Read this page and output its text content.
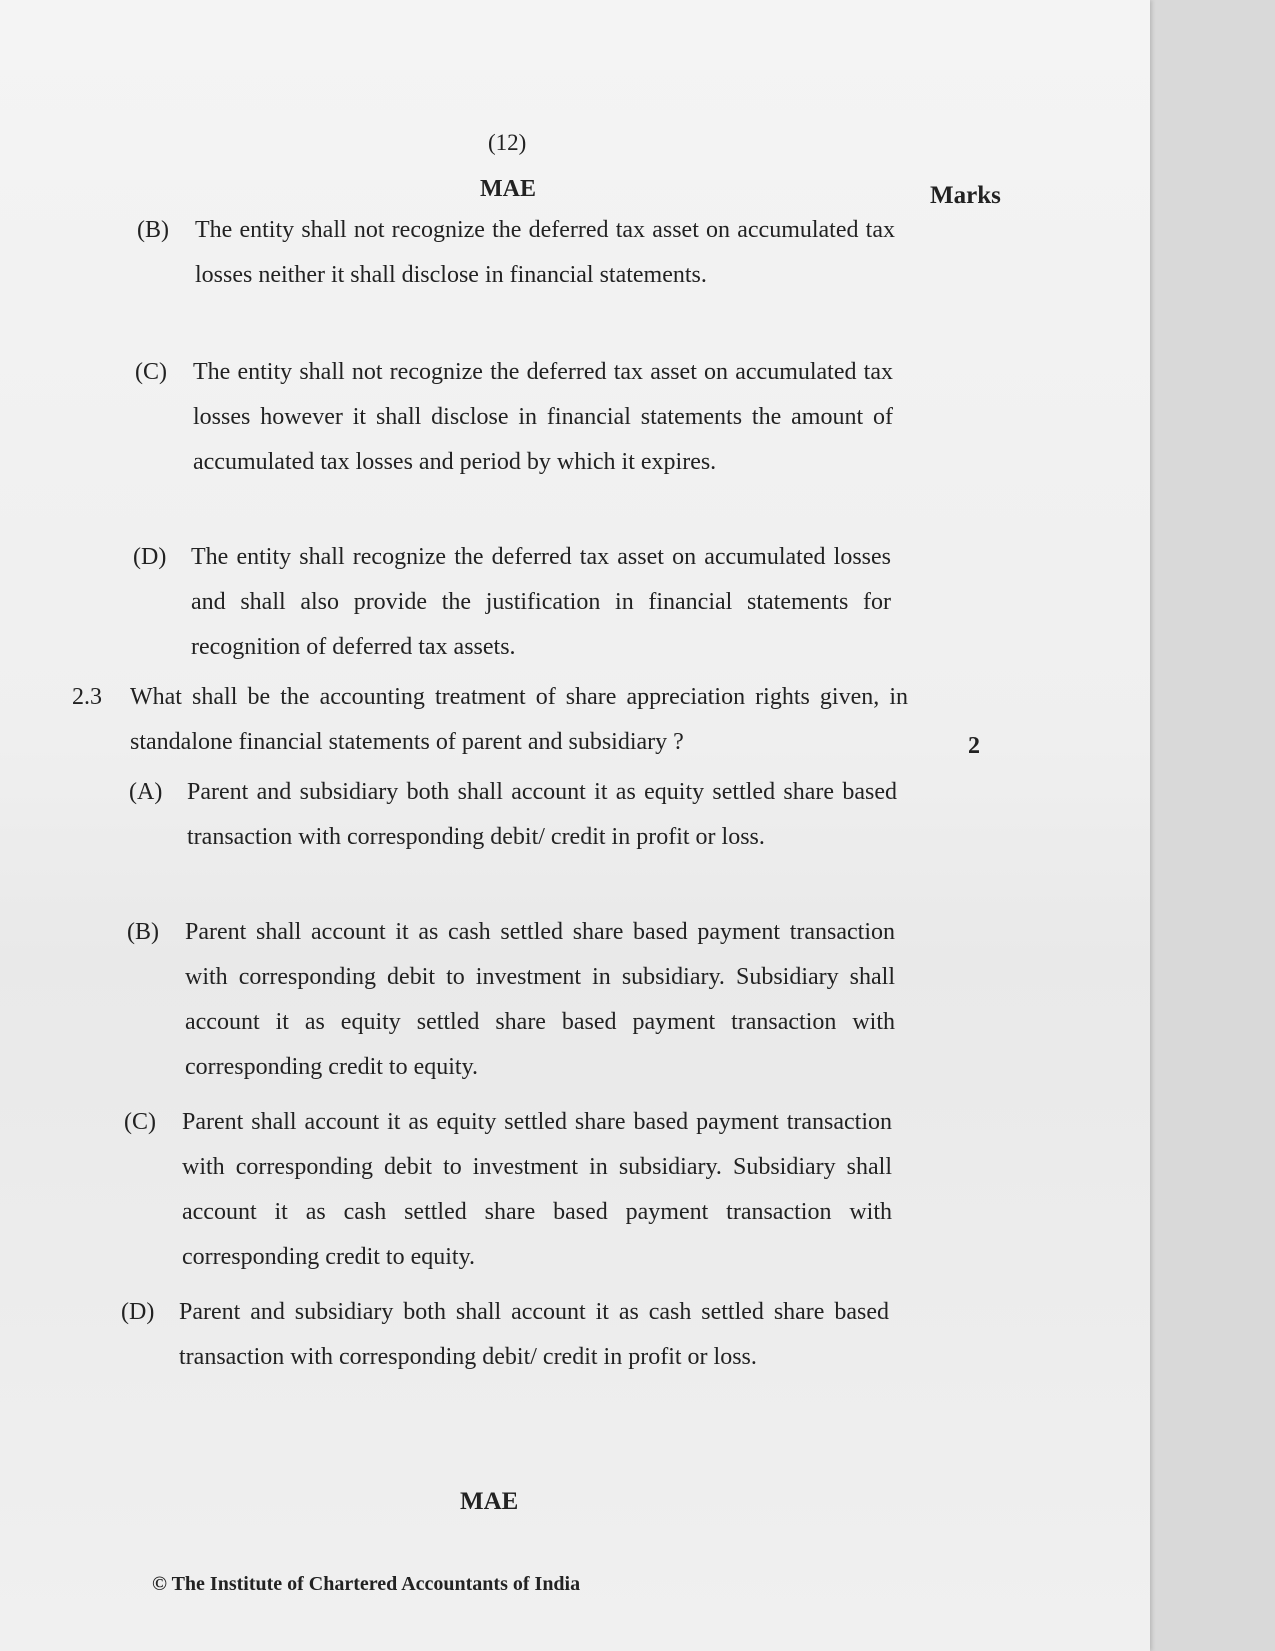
(12)
MAE	Marks
(B) The entity shall not recognize the deferred tax asset on accumulated tax losses neither it shall disclose in financial statements.
(C) The entity shall not recognize the deferred tax asset on accumulated tax losses however it shall disclose in financial statements the amount of accumulated tax losses and period by which it expires.
(D) The entity shall recognize the deferred tax asset on accumulated losses and shall also provide the justification in financial statements for recognition of deferred tax assets.
2.3 What shall be the accounting treatment of share appreciation rights given, in standalone financial statements of parent and subsidiary ?	2
(A) Parent and subsidiary both shall account it as equity settled share based transaction with corresponding debit/ credit in profit or loss.
(B) Parent shall account it as cash settled share based payment transaction with corresponding debit to investment in subsidiary. Subsidiary shall account it as equity settled share based payment transaction with corresponding credit to equity.
(C) Parent shall account it as equity settled share based payment transaction with corresponding debit to investment in subsidiary. Subsidiary shall account it as cash settled share based payment transaction with corresponding credit to equity.
(D) Parent and subsidiary both shall account it as cash settled share based transaction with corresponding debit/ credit in profit or loss.
MAE
© The Institute of Chartered Accountants of India
